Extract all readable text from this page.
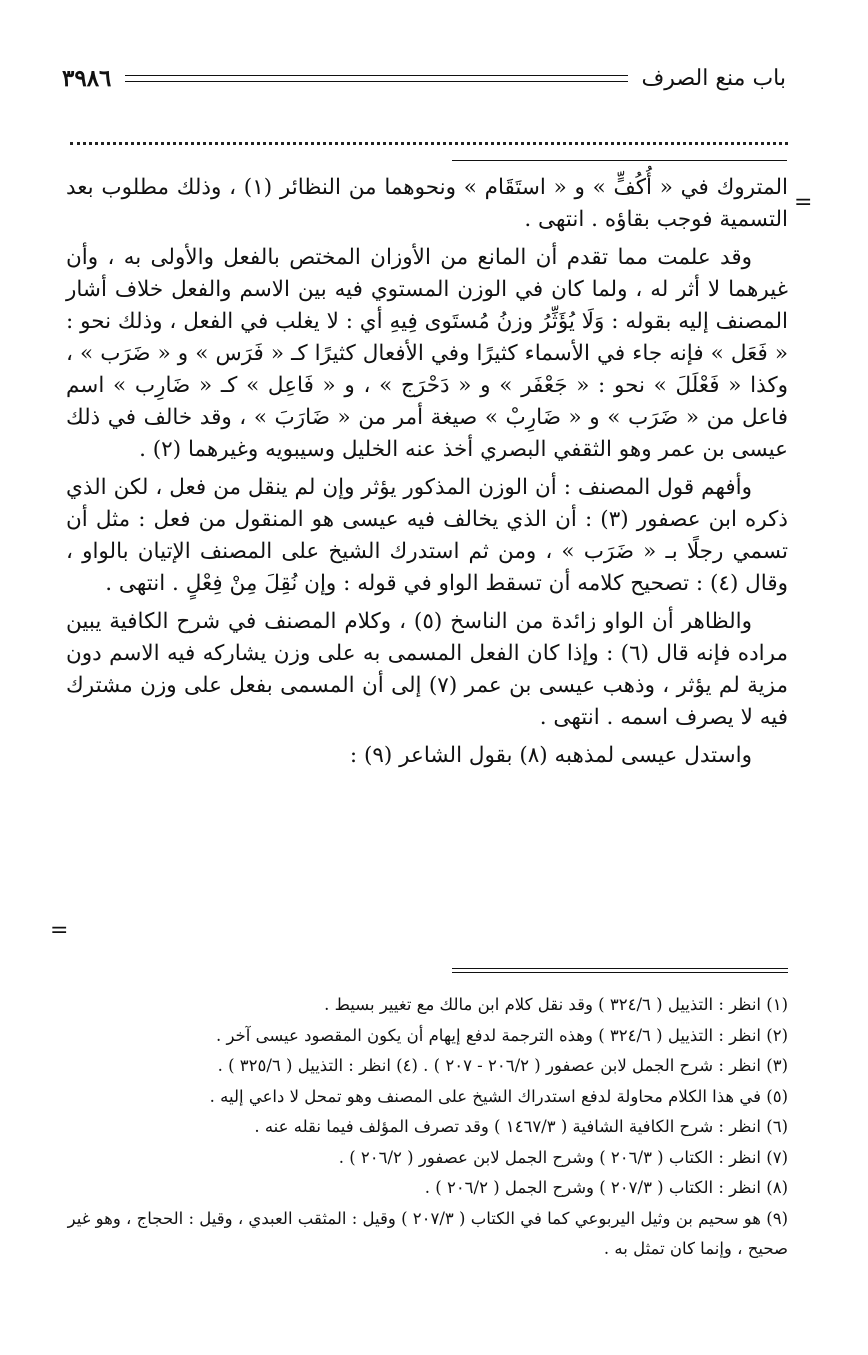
٣٩٨٦	باب منع الصرف
=
=

المتروك في « أُكُفٍّ » و « استَقَام » ونحوهما من النظائر (١) ، وذلك مطلوب بعد التسمية فوجب بقاؤه . انتهى .

وقد علمت مما تقدم أن المانع من الأوزان المختص بالفعل والأولى به ، وأن غيرهما لا أثر له ، ولما كان في الوزن المستوي فيه بين الاسم والفعل خلاف أشار المصنف إليه بقوله : وَلَا يُؤَثِّرُ وزنُ مُستَوى فِيهِ أي : لا يغلب في الفعل ، وذلك نحو : « فَعَل » فإنه جاء في الأسماء كثيرًا وفي الأفعال كثيرًا كـ « فَرَس » و « ضَرَب » ، وكذا « فَعْلَلَ » نحو : « جَعْفَر » و « دَحْرَج » ، و « فَاعِل » كـ « ضَارِب » اسم فاعل من « ضَرَب » و « ضَارِبْ » صيغة أمر من « ضَارَبَ » ، وقد خالف في ذلك عيسى بن عمر وهو الثقفي البصري أخذ عنه الخليل وسيبويه وغيرهما (٢) .

وأفهم قول المصنف : أن الوزن المذكور يؤثر وإن لم ينقل من فعل ، لكن الذي ذكره ابن عصفور (٣) : أن الذي يخالف فيه عيسى هو المنقول من فعل : مثل أن تسمي رجلًا بـ « ضَرَب » ، ومن ثم استدرك الشيخ على المصنف الإتيان بالواو ، وقال (٤) : تصحيح كلامه أن تسقط الواو في قوله : وإن نُقِلَ مِنْ فِعْلٍ . انتهى .

والظاهر أن الواو زائدة من الناسخ (٥) ، وكلام المصنف في شرح الكافية يبين مراده فإنه قال (٦) : وإذا كان الفعل المسمى به على وزن يشاركه فيه الاسم دون مزية لم يؤثر ، وذهب عيسى بن عمر (٧) إلى أن المسمى بفعل على وزن مشترك فيه لا يصرف اسمه . انتهى .

واستدل عيسى لمذهبه (٨) بقول الشاعر (٩) :

(١) انظر : التذييل ( ٣٢٤/٦ ) وقد نقل كلام ابن مالك مع تغيير بسيط .

(٢) انظر : التذييل ( ٣٢٤/٦ ) وهذه الترجمة لدفع إيهام أن يكون المقصود عيسى آخر .

(٣) انظر : شرح الجمل لابن عصفور ( ٢٠٦/٢ - ٢٠٧ ) . (٤) انظر : التذييل ( ٣٢٥/٦ ) .

(٥) في هذا الكلام محاولة لدفع استدراك الشيخ على المصنف وهو تمحل لا داعي إليه .

(٦) انظر : شرح الكافية الشافية ( ١٤٦٧/٣ ) وقد تصرف المؤلف فيما نقله عنه .

(٧) انظر : الكتاب ( ٢٠٦/٣ ) وشرح الجمل لابن عصفور ( ٢٠٦/٢ ) .

(٨) انظر : الكتاب ( ٢٠٧/٣ ) وشرح الجمل ( ٢٠٦/٢ ) .

(٩) هو سحيم بن وثيل اليربوعي كما في الكتاب ( ٢٠٧/٣ ) وقيل : المثقب العبدي ، وقيل : الحجاج ، وهو غير صحيح ، وإنما كان تمثل به .
